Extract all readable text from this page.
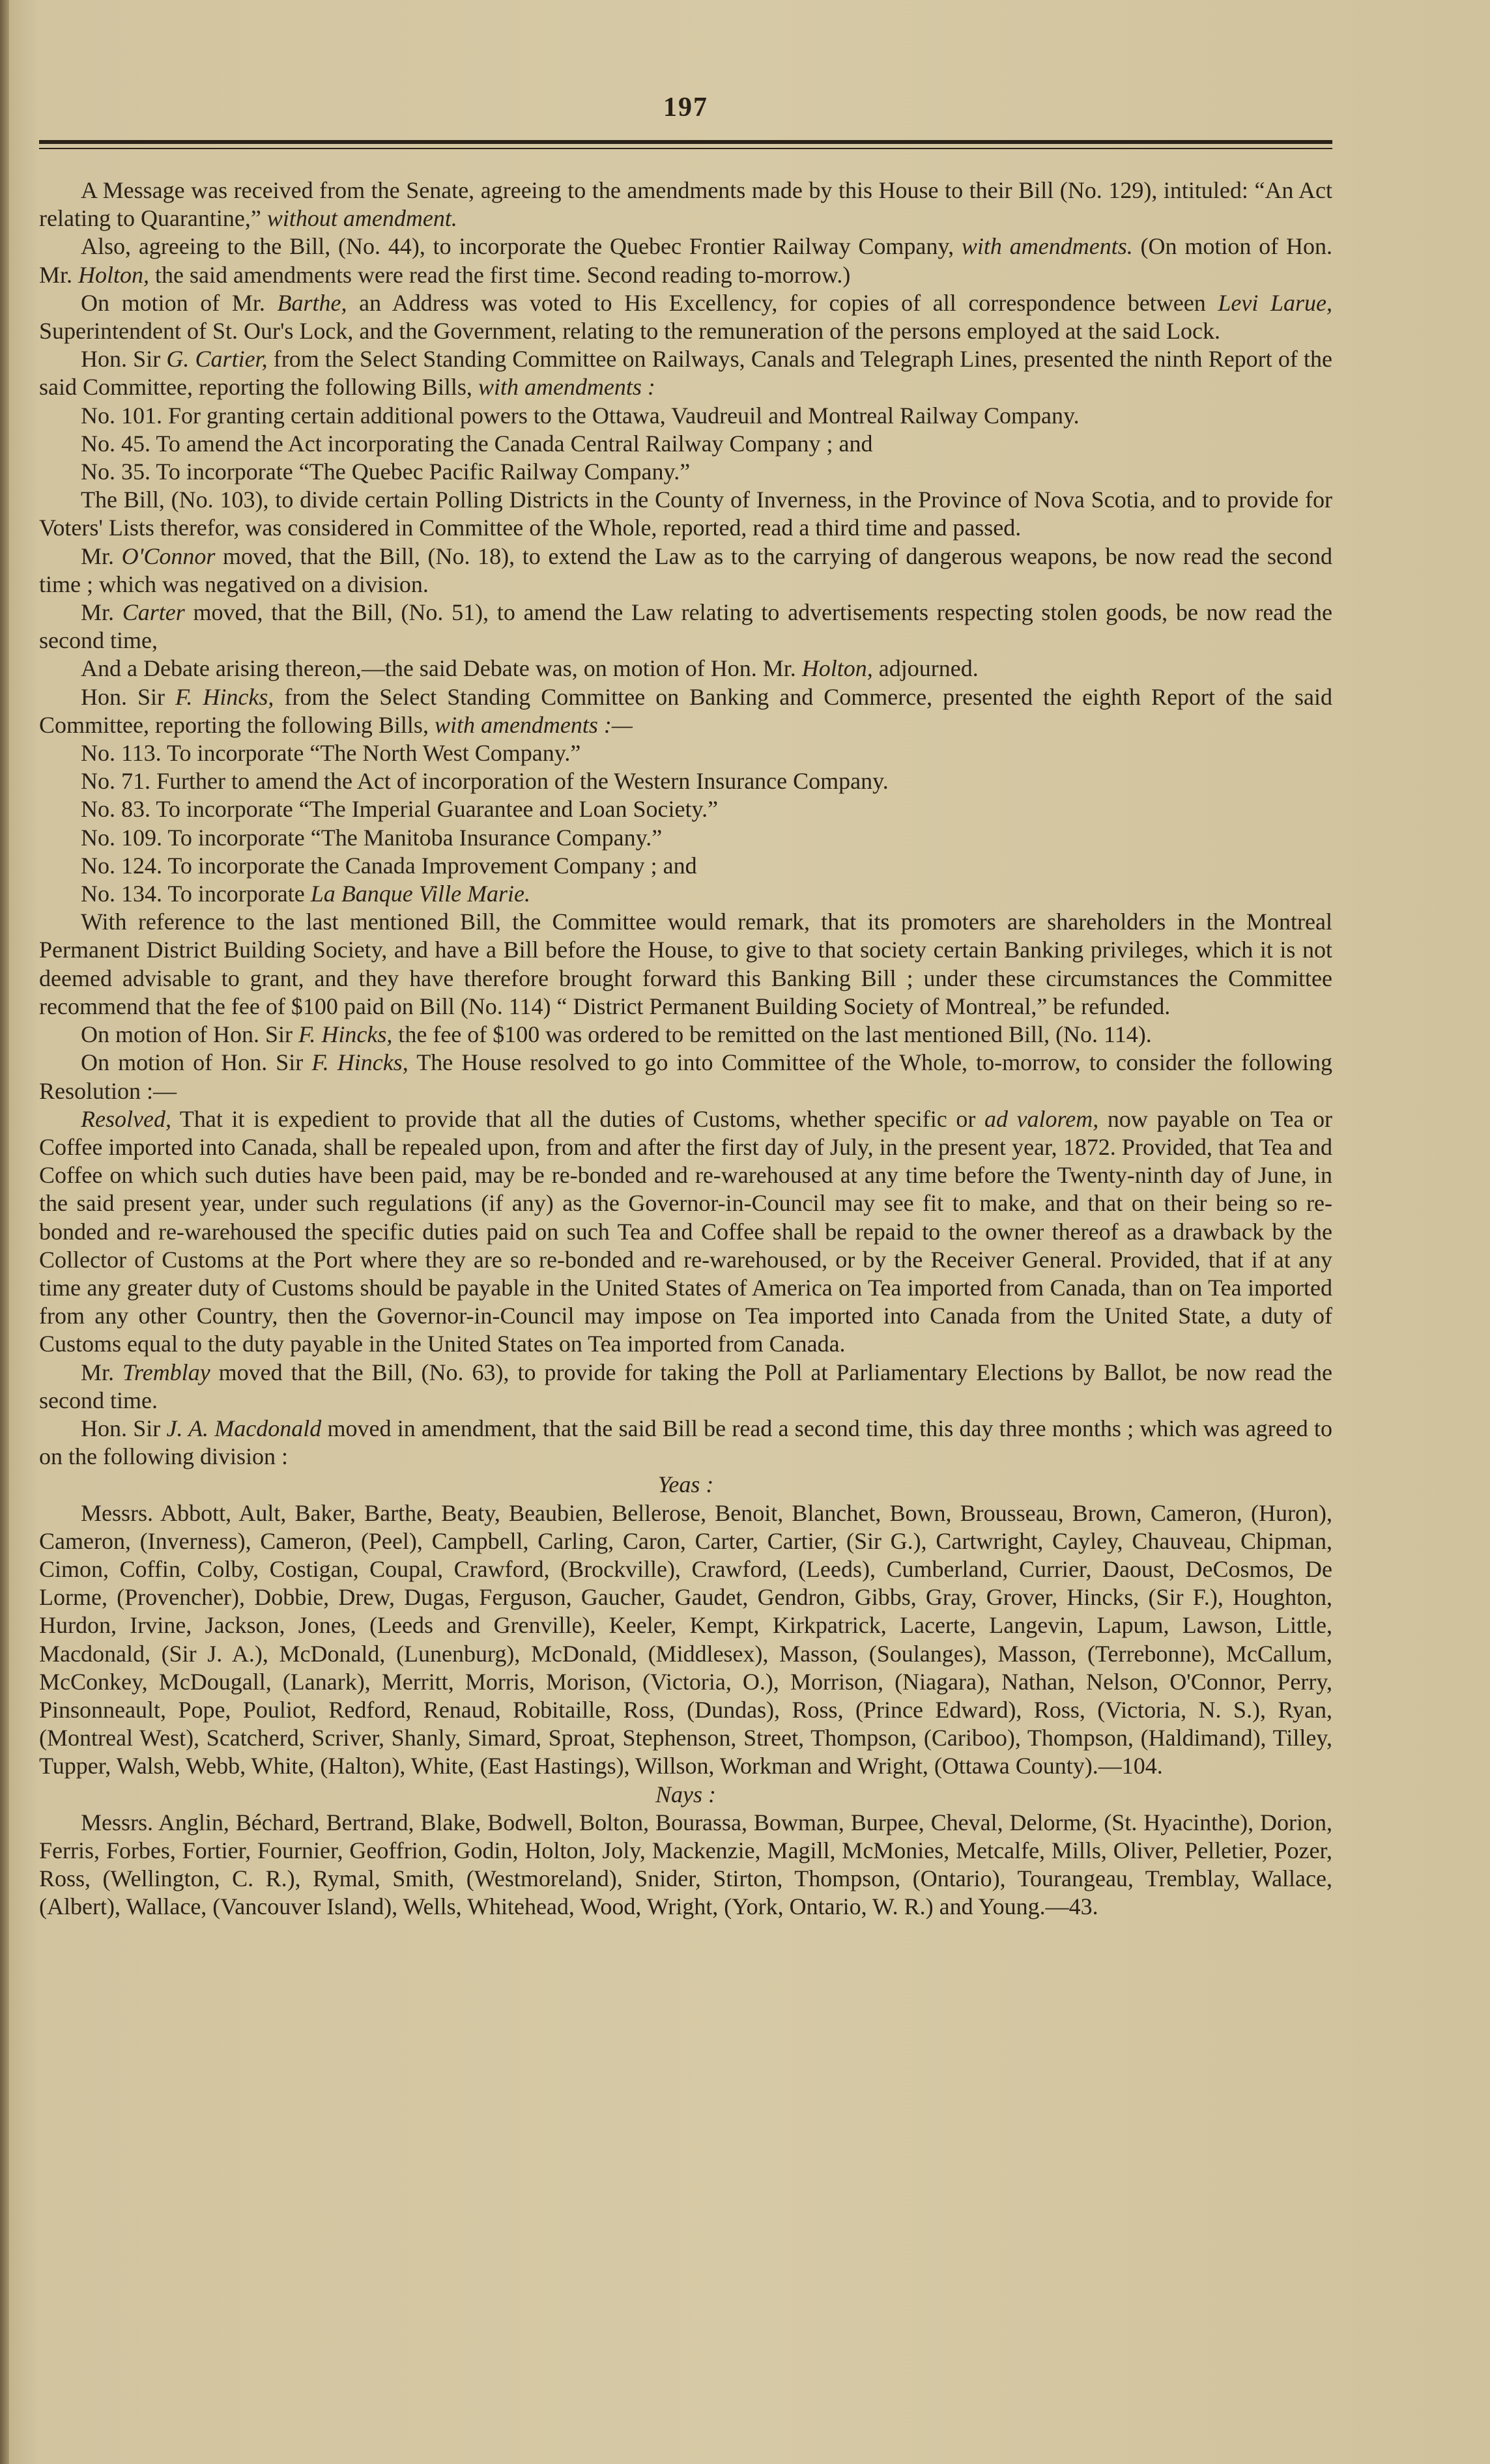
197

A Message was received from the Senate, agreeing to the amendments made by this House to their Bill (No. 129), intituled: “An Act relating to Quarantine,” without amendment.

Also, agreeing to the Bill, (No. 44), to incorporate the Quebec Frontier Railway Company, with amendments. (On motion of Hon. Mr. Holton, the said amendments were read the first time. Second reading to-morrow.)

On motion of Mr. Barthe, an Address was voted to His Excellency, for copies of all correspondence between Levi Larue, Superintendent of St. Our's Lock, and the Government, relating to the remuneration of the persons employed at the said Lock.

Hon. Sir G. Cartier, from the Select Standing Committee on Railways, Canals and Telegraph Lines, presented the ninth Report of the said Committee, reporting the following Bills, with amendments :

No. 101. For granting certain additional powers to the Ottawa, Vaudreuil and Montreal Railway Company.

No. 45. To amend the Act incorporating the Canada Central Railway Company ; and

No. 35. To incorporate “The Quebec Pacific Railway Company.”

The Bill, (No. 103), to divide certain Polling Districts in the County of Inverness, in the Province of Nova Scotia, and to provide for Voters' Lists therefor, was considered in Committee of the Whole, reported, read a third time and passed.

Mr. O'Connor moved, that the Bill, (No. 18), to extend the Law as to the carrying of dangerous weapons, be now read the second time ; which was negatived on a division.

Mr. Carter moved, that the Bill, (No. 51), to amend the Law relating to advertisements respecting stolen goods, be now read the second time,

And a Debate arising thereon,—the said Debate was, on motion of Hon. Mr. Holton, adjourned.

Hon. Sir F. Hincks, from the Select Standing Committee on Banking and Commerce, presented the eighth Report of the said Committee, reporting the following Bills, with amendments :—

No. 113. To incorporate “The North West Company.”

No. 71. Further to amend the Act of incorporation of the Western Insurance Company.

No. 83. To incorporate “The Imperial Guarantee and Loan Society.”

No. 109. To incorporate “The Manitoba Insurance Company.”

No. 124. To incorporate the Canada Improvement Company ; and

No. 134. To incorporate La Banque Ville Marie.

With reference to the last mentioned Bill, the Committee would remark, that its promoters are shareholders in the Montreal Permanent District Building Society, and have a Bill before the House, to give to that society certain Banking privileges, which it is not deemed advisable to grant, and they have therefore brought forward this Banking Bill ; under these circumstances the Committee recommend that the fee of $100 paid on Bill (No. 114) “ District Permanent Building Society of Montreal,” be refunded.

On motion of Hon. Sir F. Hincks, the fee of $100 was ordered to be remitted on the last mentioned Bill, (No. 114).

On motion of Hon. Sir F. Hincks, The House resolved to go into Committee of the Whole, to-morrow, to consider the following Resolution :—

Resolved, That it is expedient to provide that all the duties of Customs, whether specific or ad valorem, now payable on Tea or Coffee imported into Canada, shall be repealed upon, from and after the first day of July, in the present year, 1872. Provided, that Tea and Coffee on which such duties have been paid, may be re-bonded and re-warehoused at any time before the Twenty-ninth day of June, in the said present year, under such regulations (if any) as the Governor-in-Council may see fit to make, and that on their being so re-bonded and re-warehoused the specific duties paid on such Tea and Coffee shall be repaid to the owner thereof as a drawback by the Collector of Customs at the Port where they are so re-bonded and re-warehoused, or by the Receiver General. Provided, that if at any time any greater duty of Customs should be payable in the United States of America on Tea imported from Canada, than on Tea imported from any other Country, then the Governor-in-Council may impose on Tea imported into Canada from the United State, a duty of Customs equal to the duty payable in the United States on Tea imported from Canada.

Mr. Tremblay moved that the Bill, (No. 63), to provide for taking the Poll at Parliamentary Elections by Ballot, be now read the second time.

Hon. Sir J. A. Macdonald moved in amendment, that the said Bill be read a second time, this day three months ; which was agreed to on the following division :

Yeas :

Messrs. Abbott, Ault, Baker, Barthe, Beaty, Beaubien, Bellerose, Benoit, Blanchet, Bown, Brousseau, Brown, Cameron, (Huron), Cameron, (Inverness), Cameron, (Peel), Campbell, Carling, Caron, Carter, Cartier, (Sir G.), Cartwright, Cayley, Chauveau, Chipman, Cimon, Coffin, Colby, Costigan, Coupal, Crawford, (Brockville), Crawford, (Leeds), Cumberland, Currier, Daoust, DeCosmos, De Lorme, (Provencher), Dobbie, Drew, Dugas, Ferguson, Gaucher, Gaudet, Gendron, Gibbs, Gray, Grover, Hincks, (Sir F.), Houghton, Hurdon, Irvine, Jackson, Jones, (Leeds and Grenville), Keeler, Kempt, Kirkpatrick, Lacerte, Langevin, Lapum, Lawson, Little, Macdonald, (Sir J. A.), McDonald, (Lunenburg), McDonald, (Middlesex), Masson, (Soulanges), Masson, (Terrebonne), McCallum, McConkey, McDougall, (Lanark), Merritt, Morris, Morison, (Victoria, O.), Morrison, (Niagara), Nathan, Nelson, O'Connor, Perry, Pinsonneault, Pope, Pouliot, Redford, Renaud, Robitaille, Ross, (Dundas), Ross, (Prince Edward), Ross, (Victoria, N. S.), Ryan, (Montreal West), Scatcherd, Scriver, Shanly, Simard, Sproat, Stephenson, Street, Thompson, (Cariboo), Thompson, (Haldimand), Tilley, Tupper, Walsh, Webb, White, (Halton), White, (East Hastings), Willson, Workman and Wright, (Ottawa County).—104.

Nays :

Messrs. Anglin, Béchard, Bertrand, Blake, Bodwell, Bolton, Bourassa, Bowman, Burpee, Cheval, Delorme, (St. Hyacinthe), Dorion, Ferris, Forbes, Fortier, Fournier, Geoffrion, Godin, Holton, Joly, Mackenzie, Magill, McMonies, Metcalfe, Mills, Oliver, Pelletier, Pozer, Ross, (Wellington, C. R.), Rymal, Smith, (Westmoreland), Snider, Stirton, Thompson, (Ontario), Tourangeau, Tremblay, Wallace, (Albert), Wallace, (Vancouver Island), Wells, Whitehead, Wood, Wright, (York, Ontario, W. R.) and Young.—43.
